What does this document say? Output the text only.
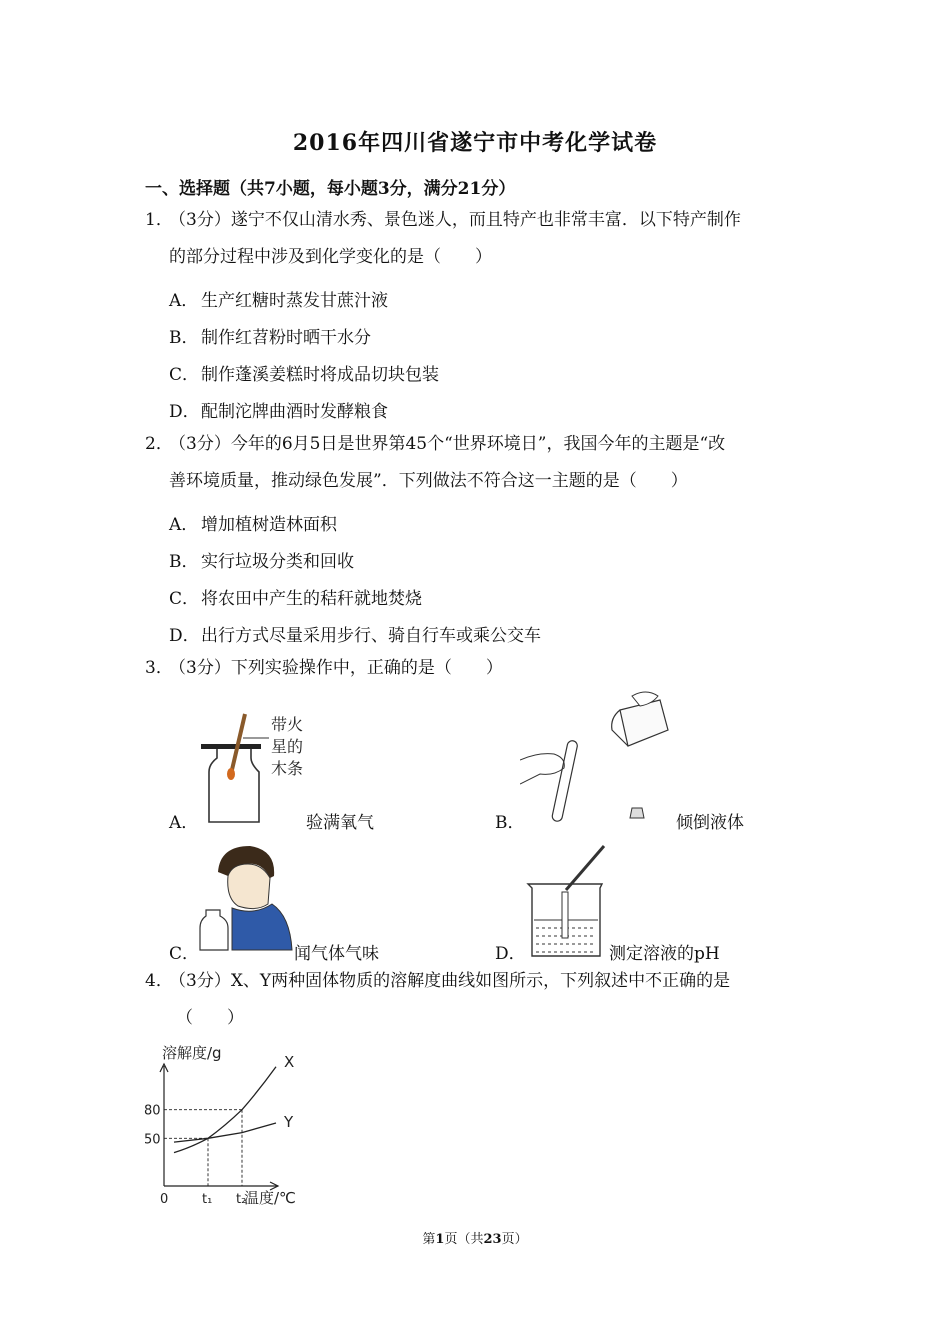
2016年四川省遂宁市中考化学试卷
一、选择题（共7小题，每小题3分，满分21分）
1．
（3分）遂宁不仅山清水秀、景色迷人，而且特产也非常丰富．以下特产制作
的部分过程中涉及到化学变化的是（　　）
A． 生产红糖时蒸发甘蔗汁液
B． 制作红苕粉时晒干水分
C． 制作蓬溪姜糕时将成品切块包装
D．配制沱牌曲酒时发酵粮食
2．
（3分）今年的6月5日是世界第45个“世界环境日”，我国今年的主题是“改
善环境质量，推动绿色发展”．下列做法不符合这一主题的是（　　）
A． 增加植树造林面积
B． 实行垃圾分类和回收
C． 将农田中产生的秸秆就地焚烧
D．出行方式尽量采用步行、骑自行车或乘公交车
3．
（3分）下列实验操作中，正确的是（　　）
A．
带火
星的
木条
验满氧气	B．	倾倒液体
C．	闻气体气味	D．	测定溶液的pH
4．
（3分）X、Y两种固体物质的溶解度曲线如图所示，下列叙述中不正确的是
（　　）
溶解度/g
温度/℃
0
50
80
t₁ t₂
X
Y
第1页（共23页）
